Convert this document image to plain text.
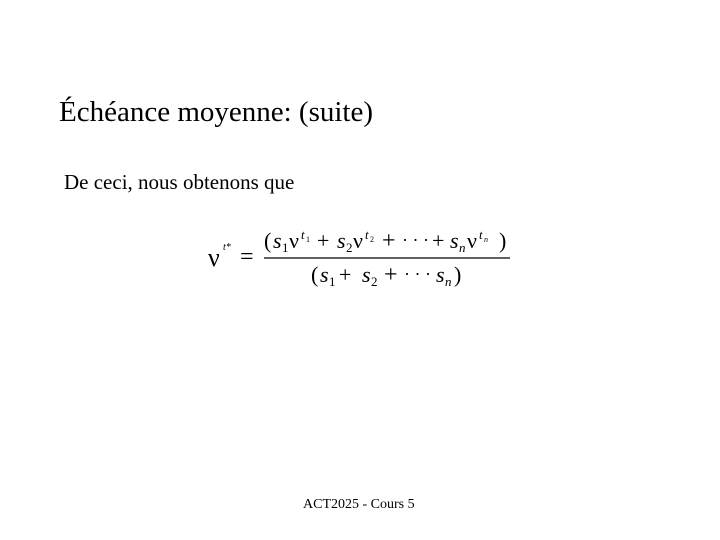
Échéance moyenne: (suite)
De ceci, nous obtenons que
ν t* =
( s 1 ν t 1 + s 2 ν t 2 + · · · + s n ν t n )
( s 1 + s 2 + · · · s n )
ACT2025 - Cours 5
